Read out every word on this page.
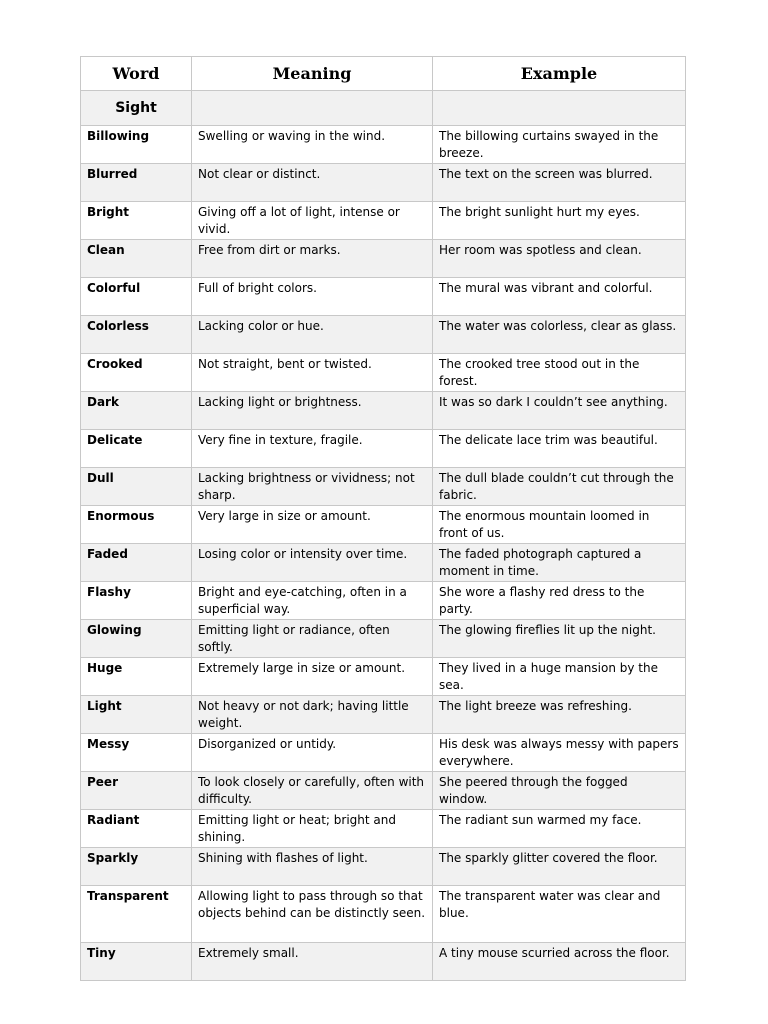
Word	Meaning	Example
Sight		
Billowing	Swelling or waving in the wind.	The billowing curtains swayed in the breeze.
Blurred	Not clear or distinct.	The text on the screen was blurred.
Bright	Giving off a lot of light, intense or vivid.	The bright sunlight hurt my eyes.
Clean	Free from dirt or marks.	Her room was spotless and clean.
Colorful	Full of bright colors.	The mural was vibrant and colorful.
Colorless	Lacking color or hue.	The water was colorless, clear as glass.
Crooked	Not straight, bent or twisted.	The crooked tree stood out in the forest.
Dark	Lacking light or brightness.	It was so dark I couldn’t see anything.
Delicate	Very fine in texture, fragile.	The delicate lace trim was beautiful.
Dull	Lacking brightness or vividness; not sharp.	The dull blade couldn’t cut through the fabric.
Enormous	Very large in size or amount.	The enormous mountain loomed in front of us.
Faded	Losing color or intensity over time.	The faded photograph captured a moment in time.
Flashy	Bright and eye-catching, often in a superficial way.	She wore a flashy red dress to the party.
Glowing	Emitting light or radiance, often softly.	The glowing fireflies lit up the night.
Huge	Extremely large in size or amount.	They lived in a huge mansion by the sea.
Light	Not heavy or not dark; having little weight.	The light breeze was refreshing.
Messy	Disorganized or untidy.	His desk was always messy with papers everywhere.
Peer	To look closely or carefully, often with difficulty.	She peered through the fogged window.
Radiant	Emitting light or heat; bright and shining.	The radiant sun warmed my face.
Sparkly	Shining with flashes of light.	The sparkly glitter covered the floor.
Transparent	Allowing light to pass through so that objects behind can be distinctly seen.	The transparent water was clear and blue.
Tiny	Extremely small.	A tiny mouse scurried across the floor.
